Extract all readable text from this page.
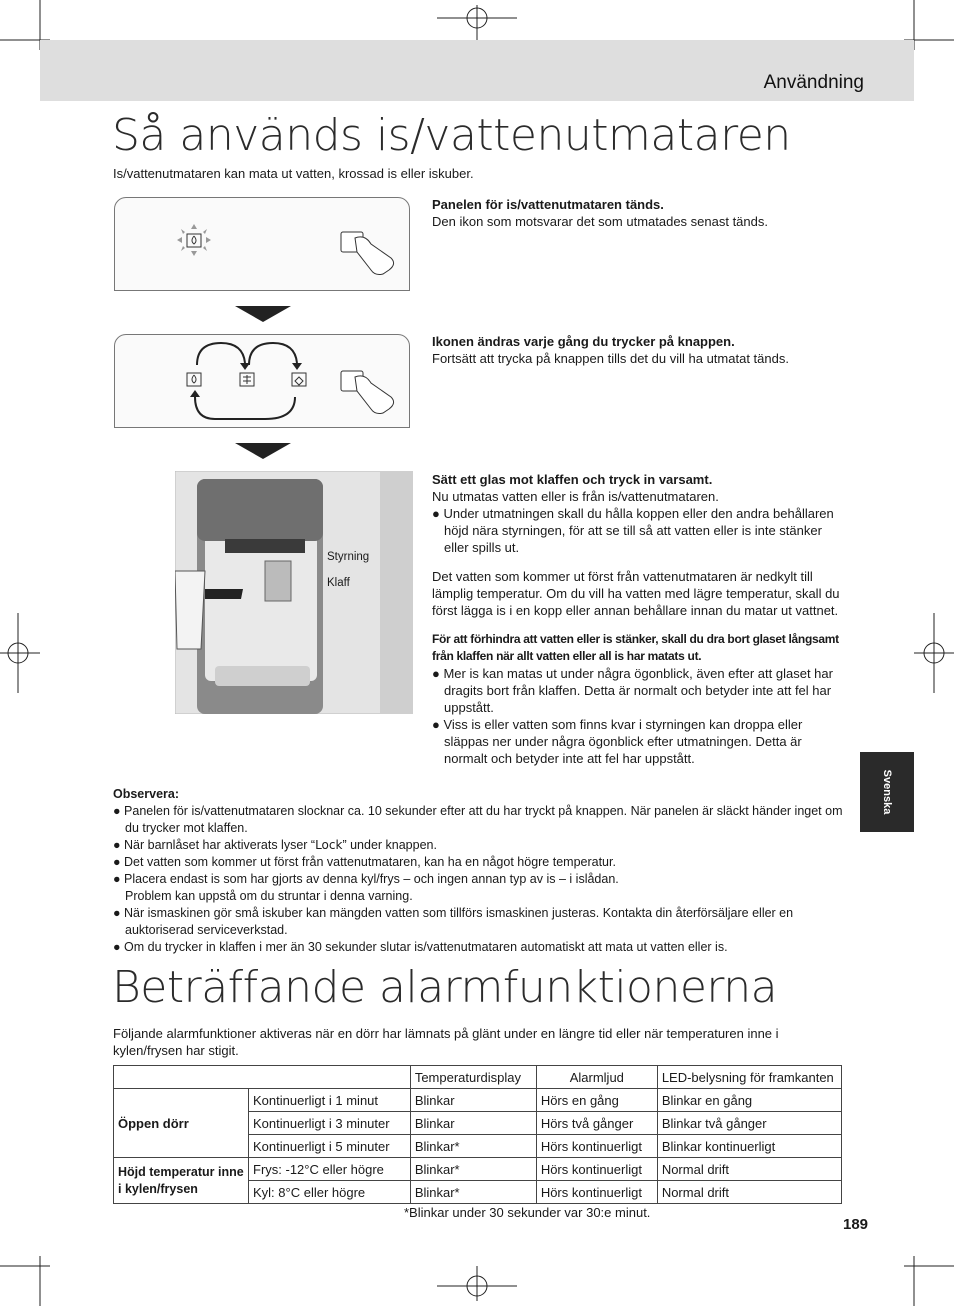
Användning
Så används is/vattenutmataren
Is/vattenutmataren kan mata ut vatten, krossad is eller iskuber.
Panelen för is/vattenutmataren tänds.
Den ikon som motsvarar det som utmatades senast tänds.
Ikonen ändras varje gång du trycker på knappen.
Fortsätt att trycka på knappen tills det du vill ha utmatat tänds.
Styrning
Klaff
Sätt ett glas mot klaffen och tryck in varsamt.
Nu utmatas vatten eller is från is/vattenutmataren.
● Under utmatningen skall du hålla koppen eller den andra behållaren höjd nära styrningen, för att se till så att vatten eller is inte stänker eller spills ut.
Det vatten som kommer ut först från vattenutmataren är nedkylt till lämplig temperatur. Om du vill ha vatten med lägre temperatur, skall du först lägga is i en kopp eller annan behållare innan du matar ut vattnet.
För att förhindra att vatten eller is stänker, skall du dra bort glaset långsamt från klaffen när allt vatten eller all is har matats ut.
● Mer is kan matas ut under några ögonblick, även efter att glaset har dragits bort från klaffen. Detta är normalt och betyder inte att fel har uppstått.
● Viss is eller vatten som finns kvar i styrningen kan droppa eller släppas ner under några ögonblick efter utmatningen. Detta är normalt och betyder inte att fel har uppstått.
Observera:
● Panelen för is/vattenutmataren slocknar ca. 10 sekunder efter att du har tryckt på knappen. När panelen är släckt händer inget om du trycker mot klaffen.
● När barnlåset har aktiverats lyser “Lock” under knappen.
● Det vatten som kommer ut först från vattenutmataren, kan ha en något högre temperatur.
● Placera endast is som har gjorts av denna kyl/frys – och ingen annan typ av is – i islådan.
Problem kan uppstå om du struntar i denna varning.
● När ismaskinen gör små iskuber kan mängden vatten som tillförs ismaskinen justeras. Kontakta din återförsäljare eller en auktoriserad serviceverkstad.
● Om du trycker in klaffen i mer än 30 sekunder slutar is/vattenutmataren automatiskt att mata ut vatten eller is.
Svenska
Beträffande alarmfunktionerna
Följande alarmfunktioner aktiveras när en dörr har lämnats på glänt under en längre tid eller när temperaturen inne i kylen/frysen har stigit.
		Temperaturdisplay	Alarmljud	LED-belysning för framkanten
Öppen dörr	Kontinuerligt i 1 minut	Blinkar	Hörs en gång	Blinkar en gång
	Kontinuerligt i 3 minuter	Blinkar	Hörs två gånger	Blinkar två gånger
	Kontinuerligt i 5 minuter	Blinkar*	Hörs kontinuerligt	Blinkar kontinuerligt
Höjd temperatur inne i kylen/frysen	Frys: -12°C eller högre	Blinkar*	Hörs kontinuerligt	Normal drift
	Kyl: 8°C eller högre	Blinkar*	Hörs kontinuerligt	Normal drift
*Blinkar under 30 sekunder var 30:e minut.
189
